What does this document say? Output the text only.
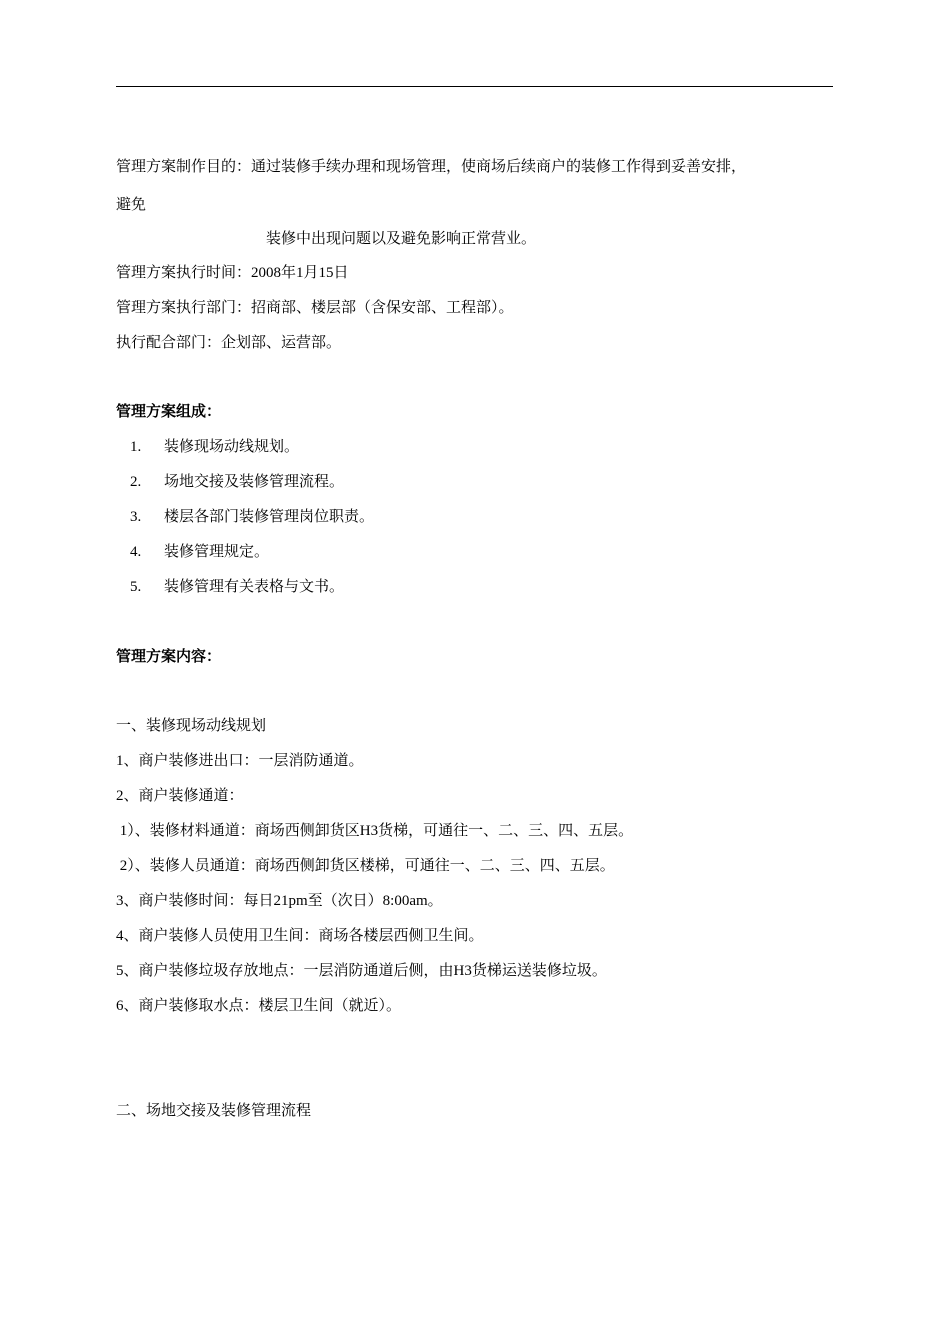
管理方案制作目的：通过装修手续办理和现场管理，使商场后续商户的装修工作得到妥善安排，
避免
装修中出现问题以及避免影响正常营业。
管理方案执行时间：2008年1月15日
管理方案执行部门：招商部、楼层部（含保安部、工程部）。
执行配合部门：企划部、运营部。
管理方案组成：
1. 装修现场动线规划。
2. 场地交接及装修管理流程。
3. 楼层各部门装修管理岗位职责。
4. 装修管理规定。
5. 装修管理有关表格与文书。
管理方案内容：
一、装修现场动线规划
1、商户装修进出口：一层消防通道。
2、商户装修通道：
1）、装修材料通道：商场西侧卸货区H3货梯，可通往一、二、三、四、五层。
2）、装修人员通道：商场西侧卸货区楼梯，可通往一、二、三、四、五层。
3、商户装修时间：每日21pm至（次日）8:00am。
4、商户装修人员使用卫生间：商场各楼层西侧卫生间。
5、商户装修垃圾存放地点：一层消防通道后侧，由H3货梯运送装修垃圾。
6、商户装修取水点：楼层卫生间（就近）。
二、场地交接及装修管理流程
